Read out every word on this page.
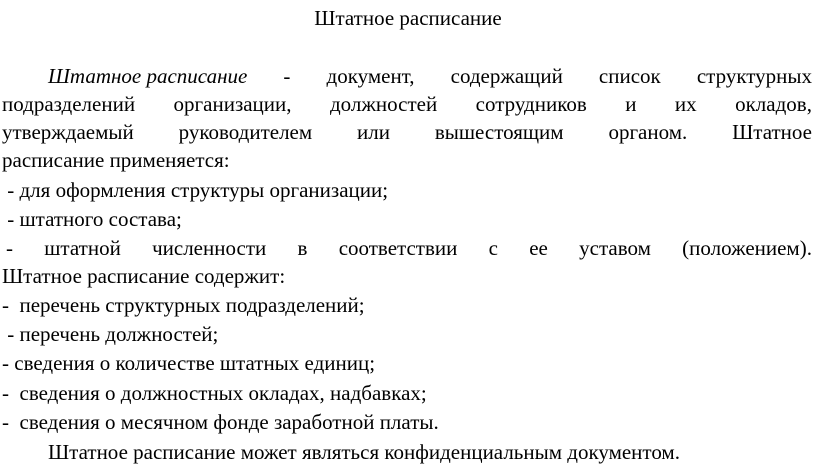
Штатное расписание
Штатное расписание - документ, содержащий список структурных
подразделений организации, должностей сотрудников и их окладов,
утверждаемый руководителем или вышестоящим органом. Штатное
расписание применяется:
- для оформления структуры организации;
- штатного состава;
- штатной численности в соответствии с ее уставом (положением).
Штатное расписание содержит:
-  перечень структурных подразделений;
- перечень должностей;
- сведения о количестве штатных единиц;
-  сведения о должностных окладах, надбавках;
-  сведения о месячном фонде заработной платы.
Штатное расписание может являться конфиденциальным документом.
